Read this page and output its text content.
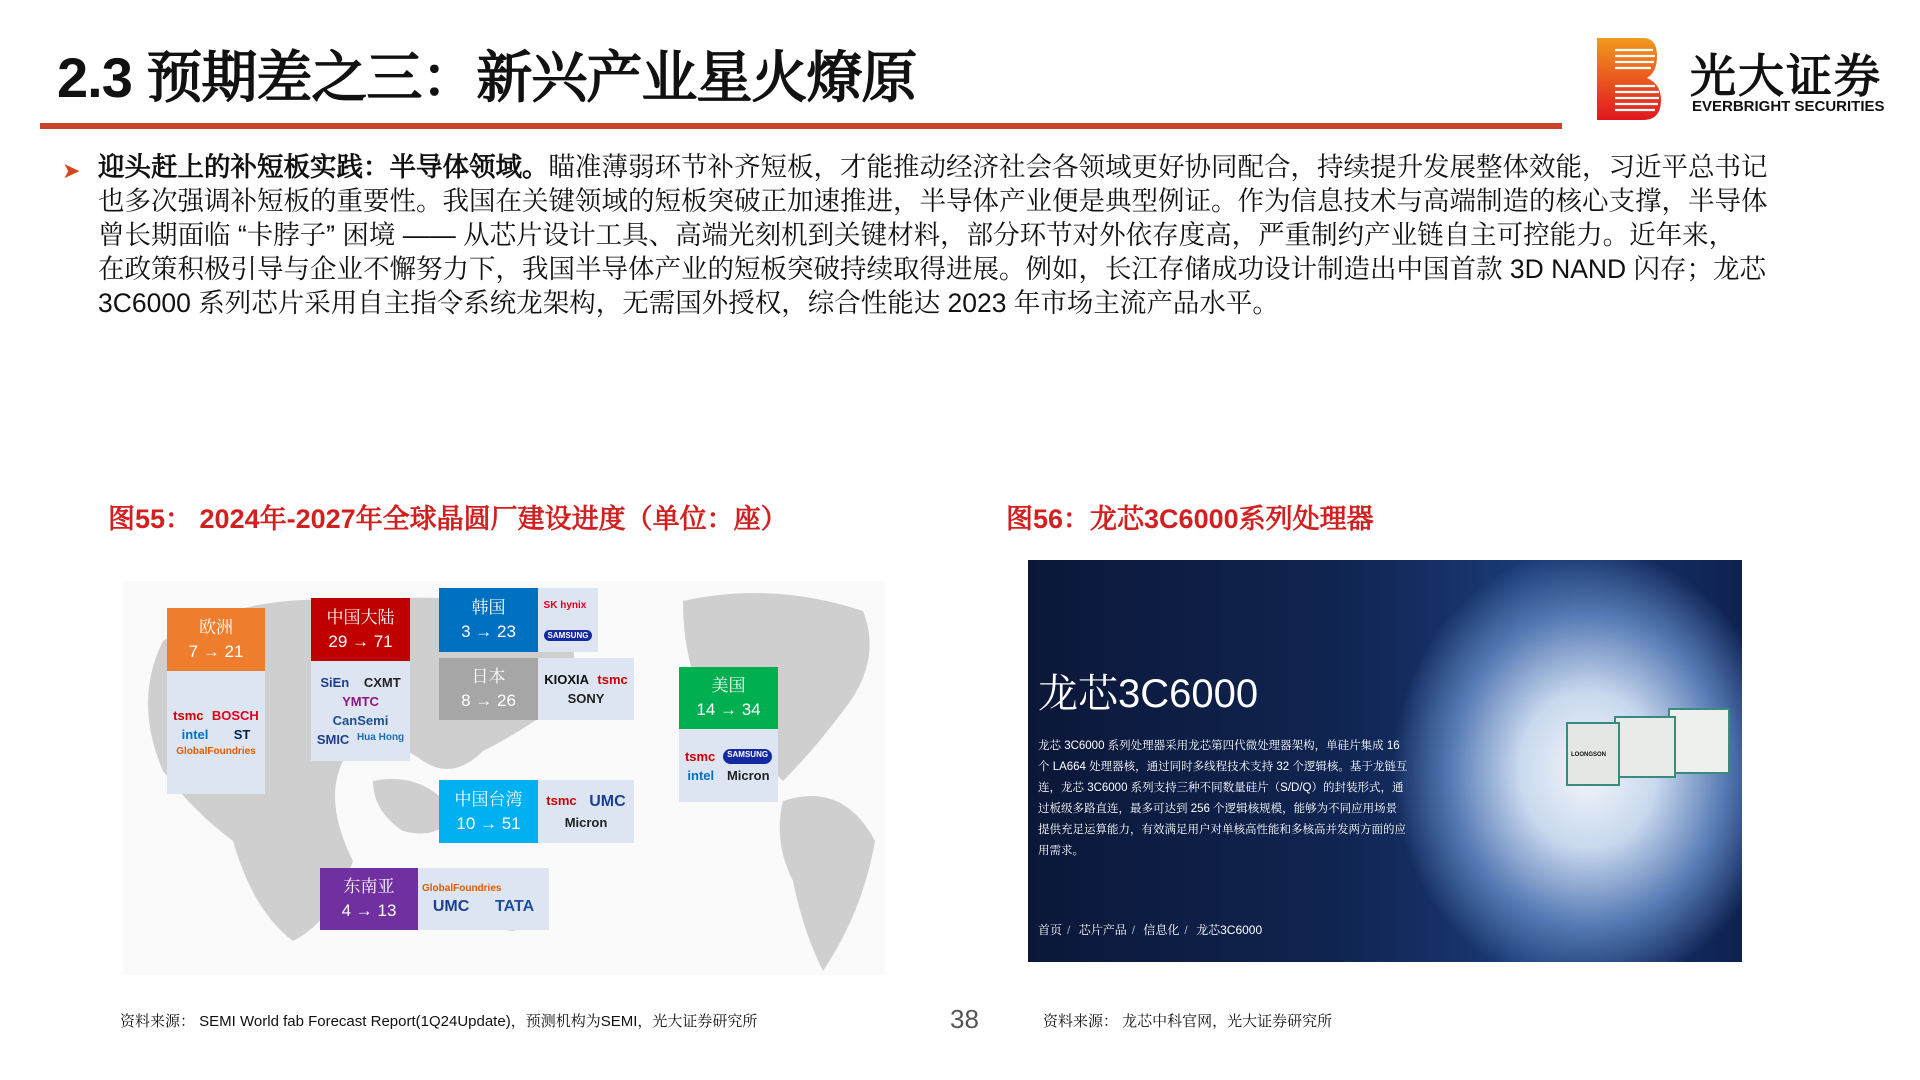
2.3 预期差之三：新兴产业星火燎原	光大证券
EVERBRIGHT SECURITIES
➤ 迎头赶上的补短板实践：半导体领域。瞄准薄弱环节补齐短板，才能推动经济社会各领域更好协同配合，持续提升发展整体效能，习近平总书记
也多次强调补短板的重要性。我国在关键领域的短板突破正加速推进，半导体产业便是典型例证。作为信息技术与高端制造的核心支撑，半导体
曾长期面临 “卡脖子” 困境 —— 从芯片设计工具、高端光刻机到关键材料，部分环节对外依存度高，严重制约产业链自主可控能力。近年来，
在政策积极引导与企业不懈努力下，我国半导体产业的短板突破持续取得进展。例如，长江存储成功设计制造出中国首款 3D NAND 闪存；龙芯
3C6000 系列芯片采用自主指令系统龙架构，无需国外授权，综合性能达 2023 年市场主流产品水平。
图55： 2024年-2027年全球晶圆厂建设进度（单位：座）	图56：龙芯3C6000系列处理器
欧洲
7 → 21
tsmc BOSCH
intel ST
GlobalFoundries
中国大陆
29 → 71
SiEn CXMT
YMTC
CanSemi
SMIC Hua Hong
韩国
3 → 23
SK hynix
SAMSUNG
日本
8 → 26
KIOXIA tsmc
SONY
美国
14 → 34
tsmc	SAMSUNG
intel Micron
中国台湾
10 → 51
tsmc UMC
Micron
东南亚
4 → 13
GlobalFoundries
UMC TATA
龙芯3C6000
龙芯 3C6000 系列处理器采用龙芯第四代微处理器架构，单硅片集成 16 个 LA664 处理器核，通过同时多线程技术支持 32 个逻辑核。基于龙链互连，龙芯 3C6000 系列支持三种不同数量硅片（S/D/Q）的封装形式，通过板级多路直连，最多可达到 256 个逻辑核规模，能够为不同应用场景提供充足运算能力，有效满足用户对单核高性能和多核高并发两方面的应用需求。
首页 / 芯片产品 / 信息化 / 龙芯3C6000
LOONGSON
资料来源： SEMI World fab Forecast Report(1Q24Update)，预测机构为SEMI，光大证券研究所	38	资料来源： 龙芯中科官网，光大证券研究所
